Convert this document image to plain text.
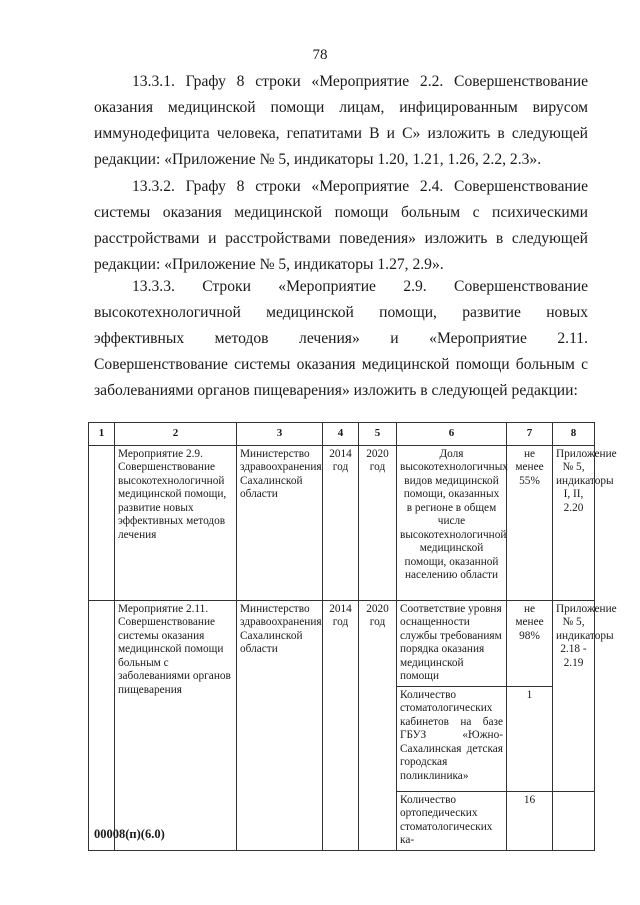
78

13.3.1. Графу 8 строки «Мероприятие 2.2. Совершенствование оказания медицинской помощи лицам, инфицированным вирусом иммунодефицита человека, гепатитами В и С» изложить в следующей редакции: «Приложение № 5, индикаторы 1.20, 1.21, 1.26, 2.2, 2.3».

13.3.2. Графу 8 строки «Мероприятие 2.4. Совершенствование системы оказания медицинской помощи больным с психическими расстройствами и расстройствами поведения» изложить в следующей редакции: «Приложение № 5, индикаторы 1.27, 2.9».

13.3.3. Строки «Мероприятие 2.9. Совершенствование высокотехнологичной медицинской помощи, развитие новых эффективных методов лечения» и «Мероприятие 2.11. Совершенствование системы оказания медицинской помощи больным с заболеваниями органов пищеварения» изложить в следующей редакции:

1	2	3	4	5	6	7	8
	Мероприятие 2.9. Совершенствование высокотехнологичной медицинской помощи, развитие новых эффективных методов лечения	Министерство здравоохранения Сахалинской области	2014 год	2020 год	Доля высокотехнологичных видов медицинской помощи, оказанных в регионе в общем числе высокотехнологичной медицинской помощи, оказанной населению области	не менее 55%	Приложение № 5, индикаторы I, II, 2.20
	Мероприятие 2.11. Совершенствование системы оказания медицинской помощи больным с заболеваниями органов пищеварения	Министерство здравоохранения Сахалинской области	2014 год	2020 год	Соответствие уровня оснащенности службы требованиям порядка оказания медицинской помощи	не менее 98%	Приложение № 5, индикаторы 2.18 - 2.19
					Количество стоматологических кабинетов на базе ГБУЗ «Южно-Сахалинская детская городская поликлиника»	1	
					Количество ортопедических стоматологических ка-	16	
00008(п)(6.0)
